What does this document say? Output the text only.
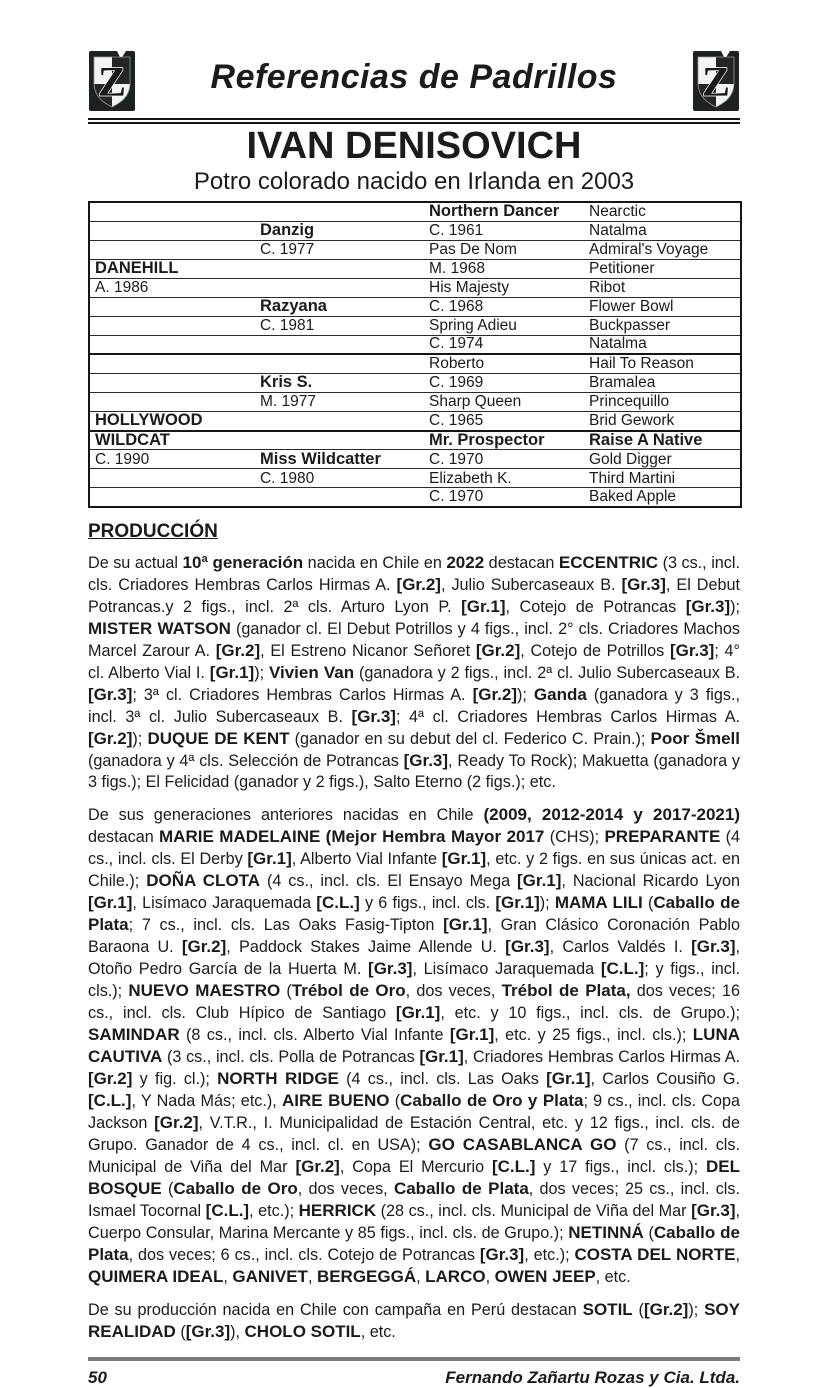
Z	Referencias de Padrillos	Z
IVAN DENISOVICH
Potro colorado nacido en Irlanda en 2003
		Northern Dancer	Nearctic
	Danzig	C. 1961	Natalma
	C. 1977	Pas De Nom	Admiral's Voyage
DANEHILL		M. 1968	Petitioner
A. 1986		His Majesty	Ribot
	Razyana	C. 1968	Flower Bowl
	C. 1981	Spring Adieu	Buckpasser
		C. 1974	Natalma
		Roberto	Hail To Reason
	Kris S.	C. 1969	Bramalea
	M. 1977	Sharp Queen	Princequillo
HOLLYWOOD		C. 1965	Brid Gework
WILDCAT		Mr. Prospector	Raise A Native
C. 1990	Miss Wildcatter	C. 1970	Gold Digger
	C. 1980	Elizabeth K.	Third Martini
		C. 1970	Baked Apple
PRODUCCIÓN

De su actual 10ª generación nacida en Chile en 2022 destacan ECCENTRIC (3 cs., incl. cls. Criadores Hembras Carlos Hirmas A. [Gr.2], Julio Subercaseaux B. [Gr.3], El Debut Potrancas.y 2 figs., incl. 2ª cls. Arturo Lyon P. [Gr.1], Cotejo de Potrancas [Gr.3]); MISTER WATSON (ganador cl. El Debut Potrillos y 4 figs., incl. 2° cls. Criadores Machos Marcel Zarour A. [Gr.2], El Estreno Nicanor Señoret [Gr.2], Cotejo de Potrillos [Gr.3]; 4° cl. Alberto Vial I. [Gr.1]); Vivien Van (ganadora y 2 figs., incl. 2ª cl. Julio Subercaseaux B. [Gr.3]; 3ª cl. Criadores Hembras Carlos Hirmas A. [Gr.2]); Ganda (ganadora y 3 figs., incl. 3ª cl. Julio Subercaseaux B. [Gr.3]; 4ª cl. Criadores Hembras Carlos Hirmas A. [Gr.2]); DUQUE DE KENT (ganador en su debut del cl. Federico C. Prain.); Poor Šmell (ganadora y 4ª cls. Selección de Potrancas [Gr.3], Ready To Rock); Makuetta (ganadora y 3 figs.); El Felicidad (ganador y 2 figs.), Salto Eterno (2 figs.); etc.

De sus generaciones anteriores nacidas en Chile (2009, 2012-2014 y 2017-2021) destacan MARIE MADELAINE (Mejor Hembra Mayor 2017 (CHS); PREPARANTE (4 cs., incl. cls. El Derby [Gr.1], Alberto Vial Infante [Gr.1], etc. y 2 figs. en sus únicas act. en Chile.); DOÑA CLOTA (4 cs., incl. cls. El Ensayo Mega [Gr.1], Nacional Ricardo Lyon [Gr.1], Lisímaco Jaraquemada [C.L.] y 6 figs., incl. cls. [Gr.1]); MAMA LILI (Caballo de Plata; 7 cs., incl. cls. Las Oaks Fasig-Tipton [Gr.1], Gran Clásico Coronación Pablo Baraona U. [Gr.2], Paddock Stakes Jaime Allende U. [Gr.3], Carlos Valdés I. [Gr.3], Otoño Pedro García de la Huerta M. [Gr.3], Lisímaco Jaraquemada [C.L.]; y figs., incl. cls.); NUEVO MAESTRO (Trébol de Oro, dos veces, Trébol de Plata, dos veces; 16 cs., incl. cls. Club Hípico de Santiago [Gr.1], etc. y 10 figs., incl. cls. de Grupo.); SAMINDAR (8 cs., incl. cls. Alberto Vial Infante [Gr.1], etc. y 25 figs., incl. cls.); LUNA CAUTIVA (3 cs., incl. cls. Polla de Potrancas [Gr.1], Criadores Hembras Carlos Hirmas A. [Gr.2] y fig. cl.); NORTH RIDGE (4 cs., incl. cls. Las Oaks [Gr.1], Carlos Cousiño G. [C.L.], Y Nada Más; etc.), AIRE BUENO (Caballo de Oro y Plata; 9 cs., incl. cls. Copa Jackson [Gr.2], V.T.R., I. Municipalidad de Estación Central, etc. y 12 figs., incl. cls. de Grupo. Ganador de 4 cs., incl. cl. en USA); GO CASABLANCA GO (7 cs., incl. cls. Municipal de Viña del Mar [Gr.2], Copa El Mercurio [C.L.] y 17 figs., incl. cls.); DEL BOSQUE (Caballo de Oro, dos veces, Caballo de Plata, dos veces; 25 cs., incl. cls. Ismael Tocornal [C.L.], etc.); HERRICK (28 cs., incl. cls. Municipal de Viña del Mar [Gr.3], Cuerpo Consular, Marina Mercante y 85 figs., incl. cls. de Grupo.); NETINNÁ (Caballo de Plata, dos veces; 6 cs., incl. cls. Cotejo de Potrancas [Gr.3], etc.); COSTA DEL NORTE, QUIMERA IDEAL, GANIVET, BERGEGGÁ, LARCO, OWEN JEEP, etc.

De su producción nacida en Chile con campaña en Perú destacan SOTIL ([Gr.2]); SOY REALIDAD ([Gr.3]), CHOLO SOTIL, etc.

50	Fernando Zañartu Rozas y Cia. Ltda.
